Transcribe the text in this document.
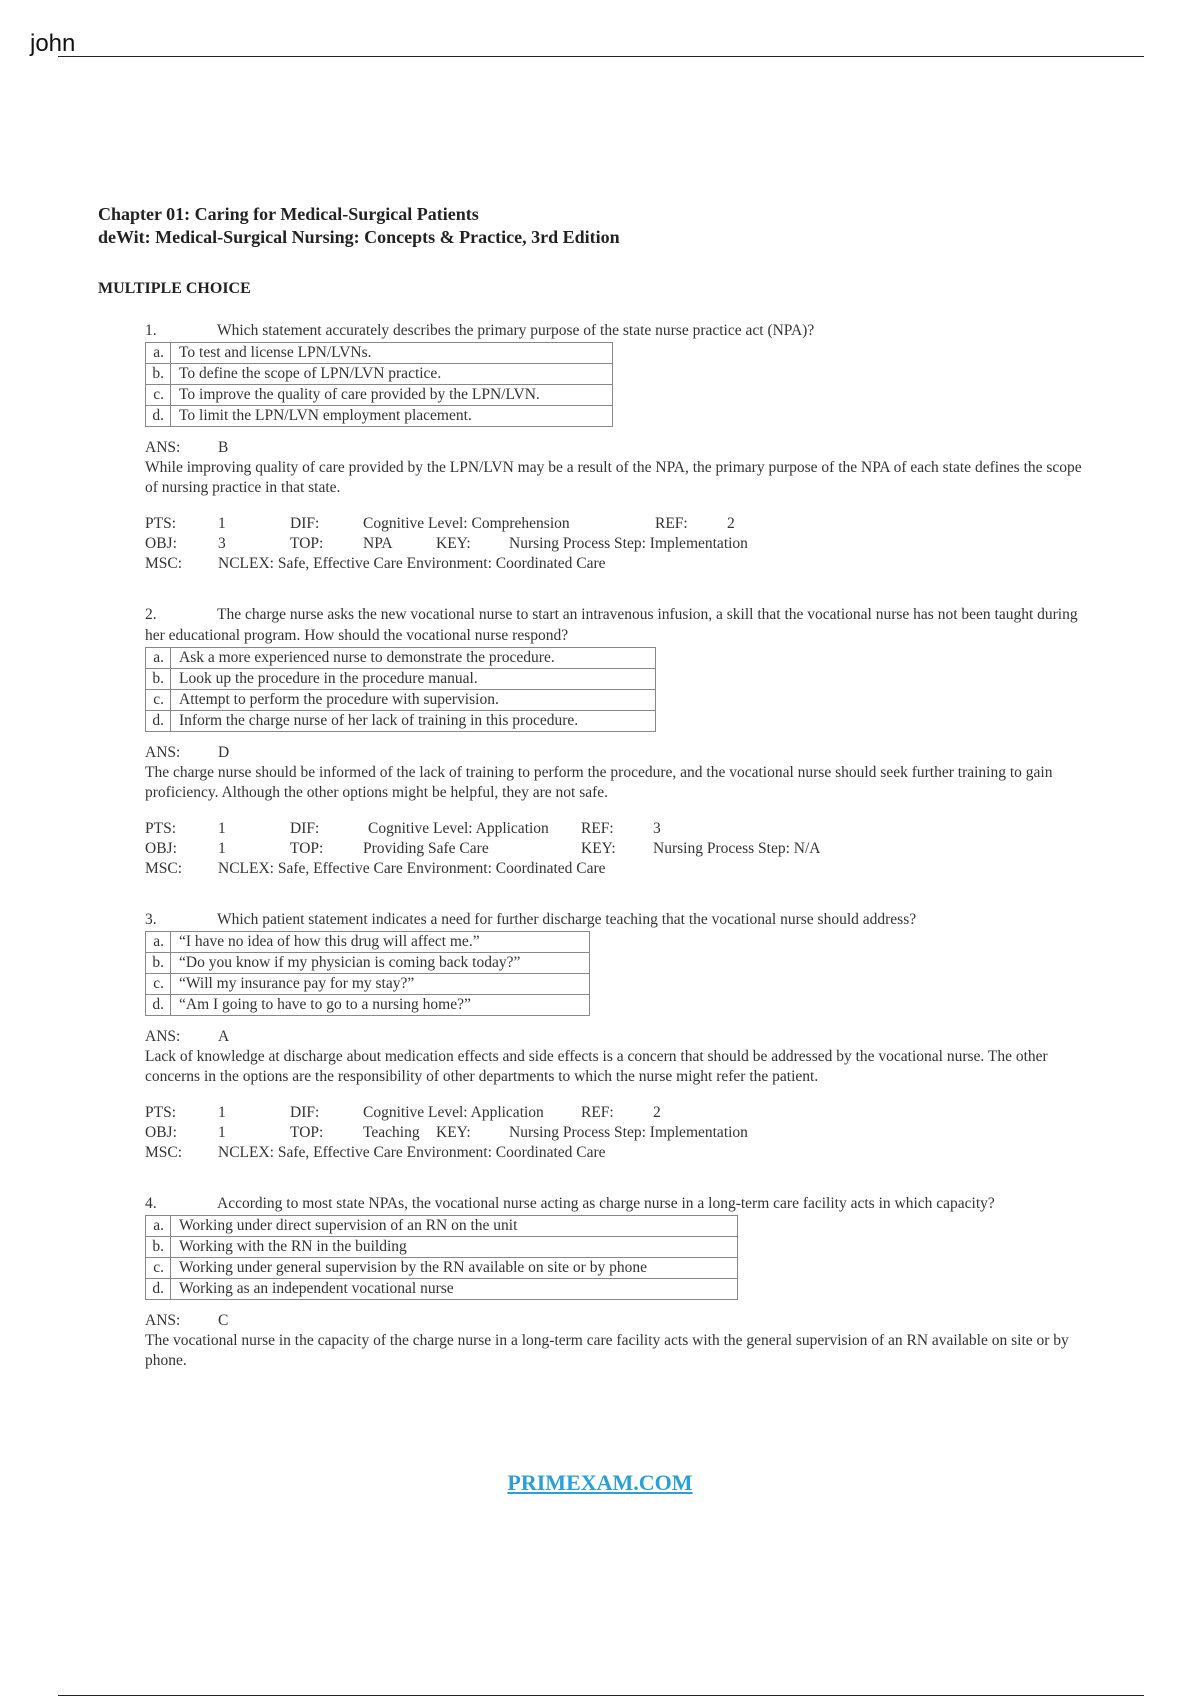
john
Chapter 01: Caring for Medical-Surgical Patients
deWit: Medical-Surgical Nursing: Concepts & Practice, 3rd Edition
MULTIPLE CHOICE

1.	Which statement accurately describes the primary purpose of the state nurse practice act (NPA)?

a.	To test and license LPN/LVNs.
b.	To define the scope of LPN/LVN practice.
c.	To improve the quality of care provided by the LPN/LVN.
d.	To limit the LPN/LVN employment placement.
ANS: B

While improving quality of care provided by the LPN/LVN may be a result of the NPA, the primary purpose of the NPA of each state defines the scope of nursing practice in that state.

PTS:	1	DIF:	Cognitive Level: Comprehension	REF:	2
OBJ:	3	TOP:	NPA	KEY: Nursing Process Step: Implementation
MSC: NCLEX: Safe, Effective Care Environment: Coordinated Care

2.	The charge nurse asks the new vocational nurse to start an intravenous infusion, a skill that the vocational nurse has not been taught during her educational program. How should the vocational nurse respond?

a.	Ask a more experienced nurse to demonstrate the procedure.
b.	Look up the procedure in the procedure manual.
c.	Attempt to perform the procedure with supervision.
d.	Inform the charge nurse of her lack of training in this procedure.
ANS: D

The charge nurse should be informed of the lack of training to perform the procedure, and the vocational nurse should seek further training to gain proficiency. Although the other options might be helpful, they are not safe.

PTS:	1	DIF:	Cognitive Level: Application REF:	3
OBJ:	1	TOP:	Providing Safe Care	KEY: Nursing Process Step: N/A
MSC: NCLEX: Safe, Effective Care Environment: Coordinated Care

3.	Which patient statement indicates a need for further discharge teaching that the vocational nurse should address?

a.	“I have no idea of how this drug will affect me.”
b.	“Do you know if my physician is coming back today?”
c.	“Will my insurance pay for my stay?”
d.	“Am I going to have to go to a nursing home?”
ANS: A

Lack of knowledge at discharge about medication effects and side effects is a concern that should be addressed by the vocational nurse. The other concerns in the options are the responsibility of other departments to which the nurse might refer the patient.

PTS:	1	DIF:	Cognitive Level: Application REF:	2
OBJ:	1	TOP:	Teaching KEY: Nursing Process Step: Implementation
MSC: NCLEX: Safe, Effective Care Environment: Coordinated Care

4.	According to most state NPAs, the vocational nurse acting as charge nurse in a long-term care facility acts in which capacity?

a.	Working under direct supervision of an RN on the unit
b.	Working with the RN in the building
c.	Working under general supervision by the RN available on site or by phone
d.	Working as an independent vocational nurse
ANS: C

The vocational nurse in the capacity of the charge nurse in a long-term care facility acts with the general supervision of an RN available on site or by phone.

PRIMEXAM.COM
